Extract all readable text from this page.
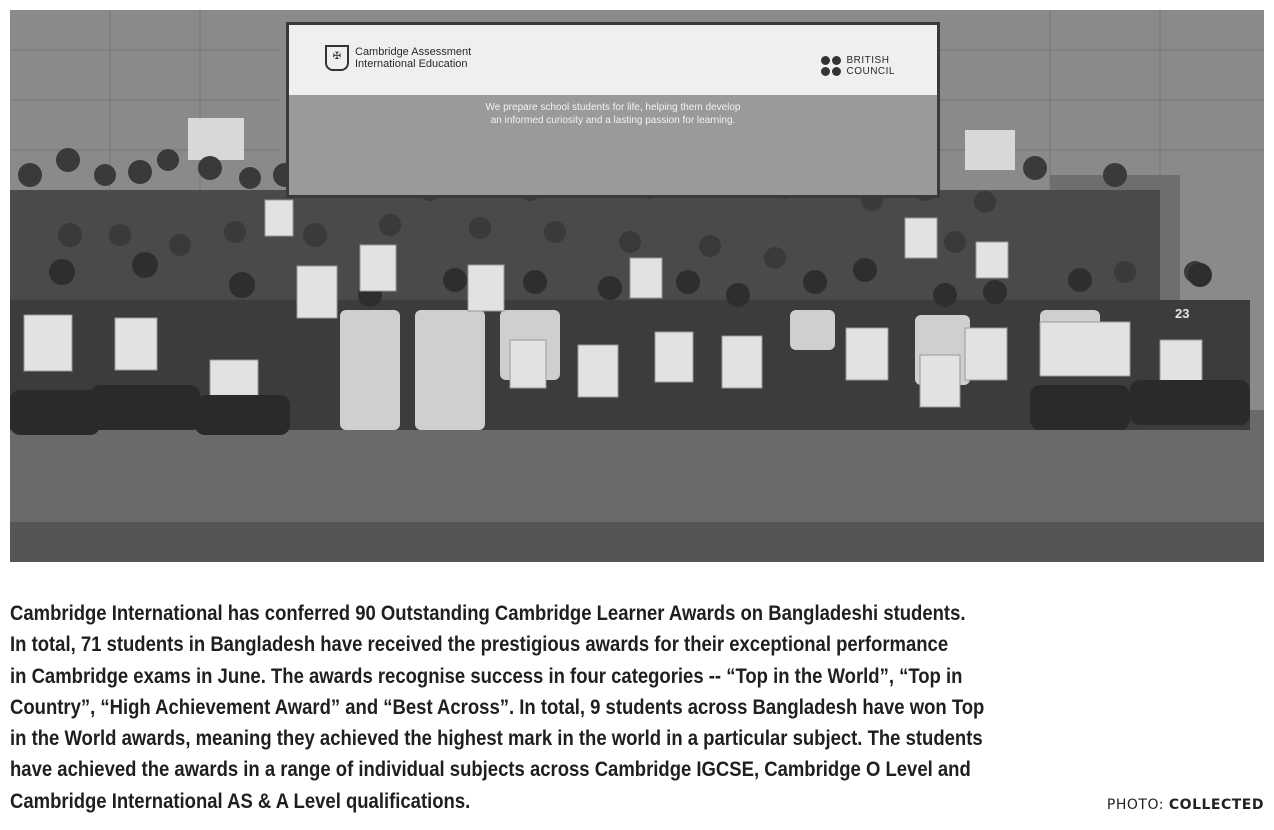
23
✠	Cambridge Assessment
International Education	BRITISH
COUNCIL
We prepare school students for life, helping them develop
an informed curiosity and a lasting passion for learning.
Cambridge International has conferred 90 Outstanding Cambridge Learner Awards on Bangladeshi students.
In total, 71 students in Bangladesh have received the prestigious awards for their exceptional performance
in Cambridge exams in June. The awards recognise success in four categories -- “Top in the World”, “Top in
Country”, “High Achievement Award” and “Best Across”. In total, 9 students across Bangladesh have won Top
in the World awards, meaning they achieved the highest mark in the world in a particular subject. The students
have achieved the awards in a range of individual subjects across Cambridge IGCSE, Cambridge O Level and
Cambridge International AS & A Level qualifications.	PHOTO: COLLECTED
